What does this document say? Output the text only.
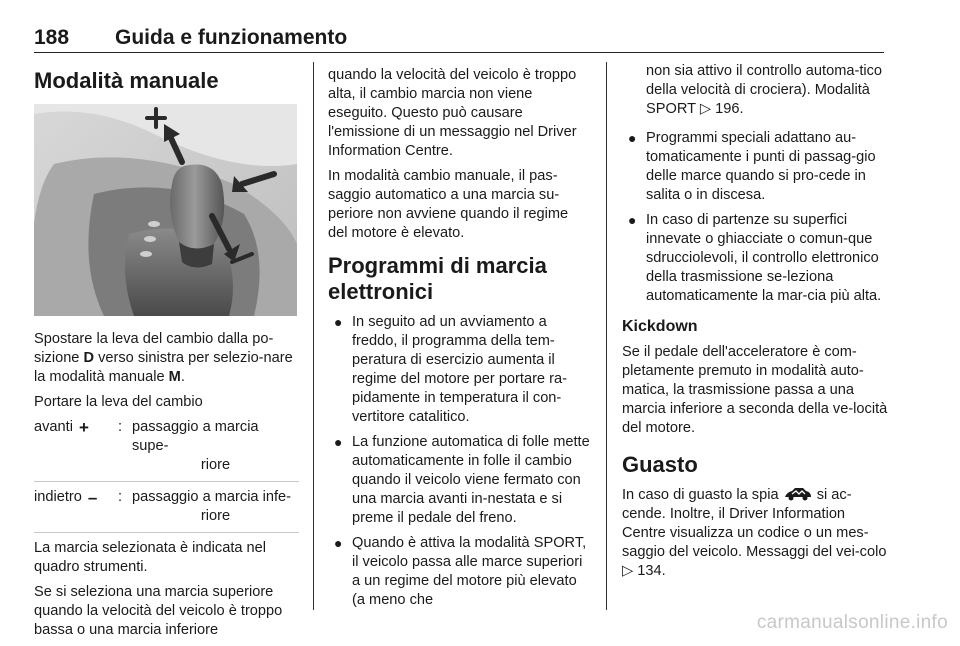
188 Guida e funzionamento
Modalità manuale

Spostare la leva del cambio dalla po-sizione D verso sinistra per selezio-nare la modalità manuale M.

Portare la leva del cambio

avanti + : passaggio a marcia supe-
riore
indietro – : passaggio a marcia infe-
riore

La marcia selezionata è indicata nel quadro strumenti.

Se si seleziona una marcia superiore quando la velocità del veicolo è troppo bassa o una marcia inferiore

quando la velocità del veicolo è troppo alta, il cambio marcia non viene eseguito. Questo può causare l'emissione di un messaggio nel Driver Information Centre.

In modalità cambio manuale, il pas-saggio automatico a una marcia su-periore non avviene quando il regime del motore è elevato.

Programmi di marcia elettronici
● In seguito ad un avviamento a freddo, il programma della tem-peratura di esercizio aumenta il regime del motore per portare ra-pidamente in temperatura il con-vertitore catalitico.
● La funzione automatica di folle mette automaticamente in folle il cambio quando il veicolo viene fermato con una marcia avanti in-nestata e si preme il pedale del freno.
● Quando è attiva la modalità SPORT, il veicolo passa alle marce superiori a un regime del motore più elevato (a meno che
non sia attivo il controllo automa-tico della velocità di crociera). Modalità SPORT ▷ 196.
● Programmi speciali adattano au-tomaticamente i punti di passag-gio delle marce quando si pro-cede in salita o in discesa.
● In caso di partenze su superfici innevate o ghiacciate o comun-que sdrucciolevoli, il controllo elettronico della trasmissione se-leziona automaticamente la mar-cia più alta.
Kickdown

Se il pedale dell'acceleratore è com-pletamente premuto in modalità auto-matica, la trasmissione passa a una marcia inferiore a seconda della ve-locità del motore.

Guasto

In caso di guasto la spia  si ac-cende. Inoltre, il Driver Information Centre visualizza un codice o un mes-saggio del veicolo. Messaggi del vei-colo ▷ 134.

carmanualsonline.info
